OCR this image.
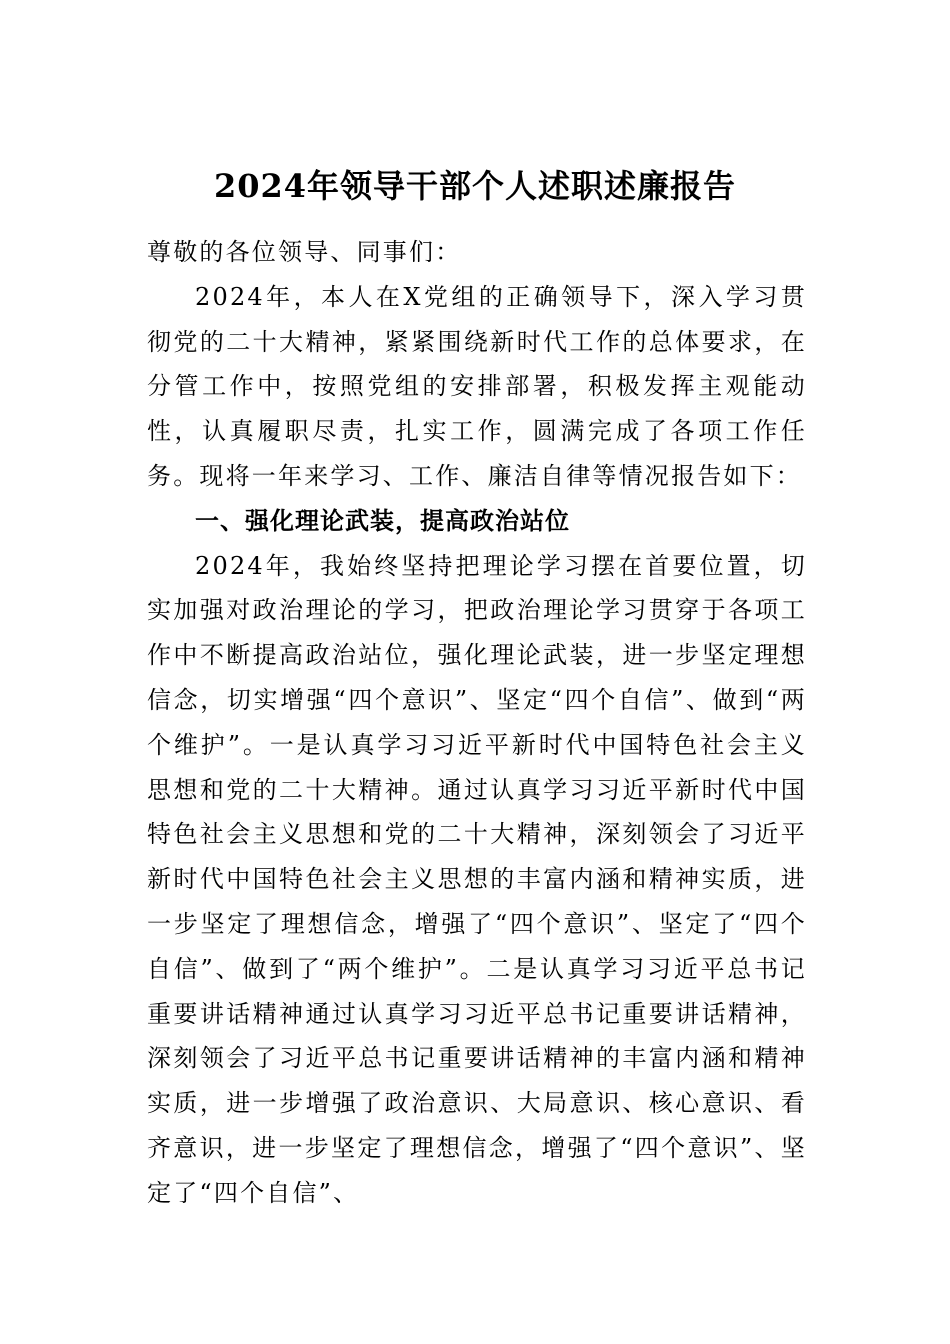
2024年领导干部个人述职述廉报告

尊敬的各位领导、同事们：

2024年，本人在X党组的正确领导下，深入学习贯彻党的二十大精神，紧紧围绕新时代工作的总体要求，在分管工作中，按照党组的安排部署，积极发挥主观能动性，认真履职尽责，扎实工作，圆满完成了各项工作任务。现将一年来学习、工作、廉洁自律等情况报告如下：

一、强化理论武装，提高政治站位

2024年，我始终坚持把理论学习摆在首要位置，切实加强对政治理论的学习，把政治理论学习贯穿于各项工作中不断提高政治站位，强化理论武装，进一步坚定理想信念，切实增强“四个意识”、坚定“四个自信”、做到“两个维护”。一是认真学习习近平新时代中国特色社会主义思想和党的二十大精神。通过认真学习习近平新时代中国特色社会主义思想和党的二十大精神，深刻领会了习近平新时代中国特色社会主义思想的丰富内涵和精神实质，进一步坚定了理想信念，增强了“四个意识”、坚定了“四个自信”、做到了“两个维护”。二是认真学习习近平总书记重要讲话精神通过认真学习习近平总书记重要讲话精神，深刻领会了习近平总书记重要讲话精神的丰富内涵和精神实质，进一步增强了政治意识、大局意识、核心意识、看齐意识，进一步坚定了理想信念，增强了“四个意识”、坚定了“四个自信”、
